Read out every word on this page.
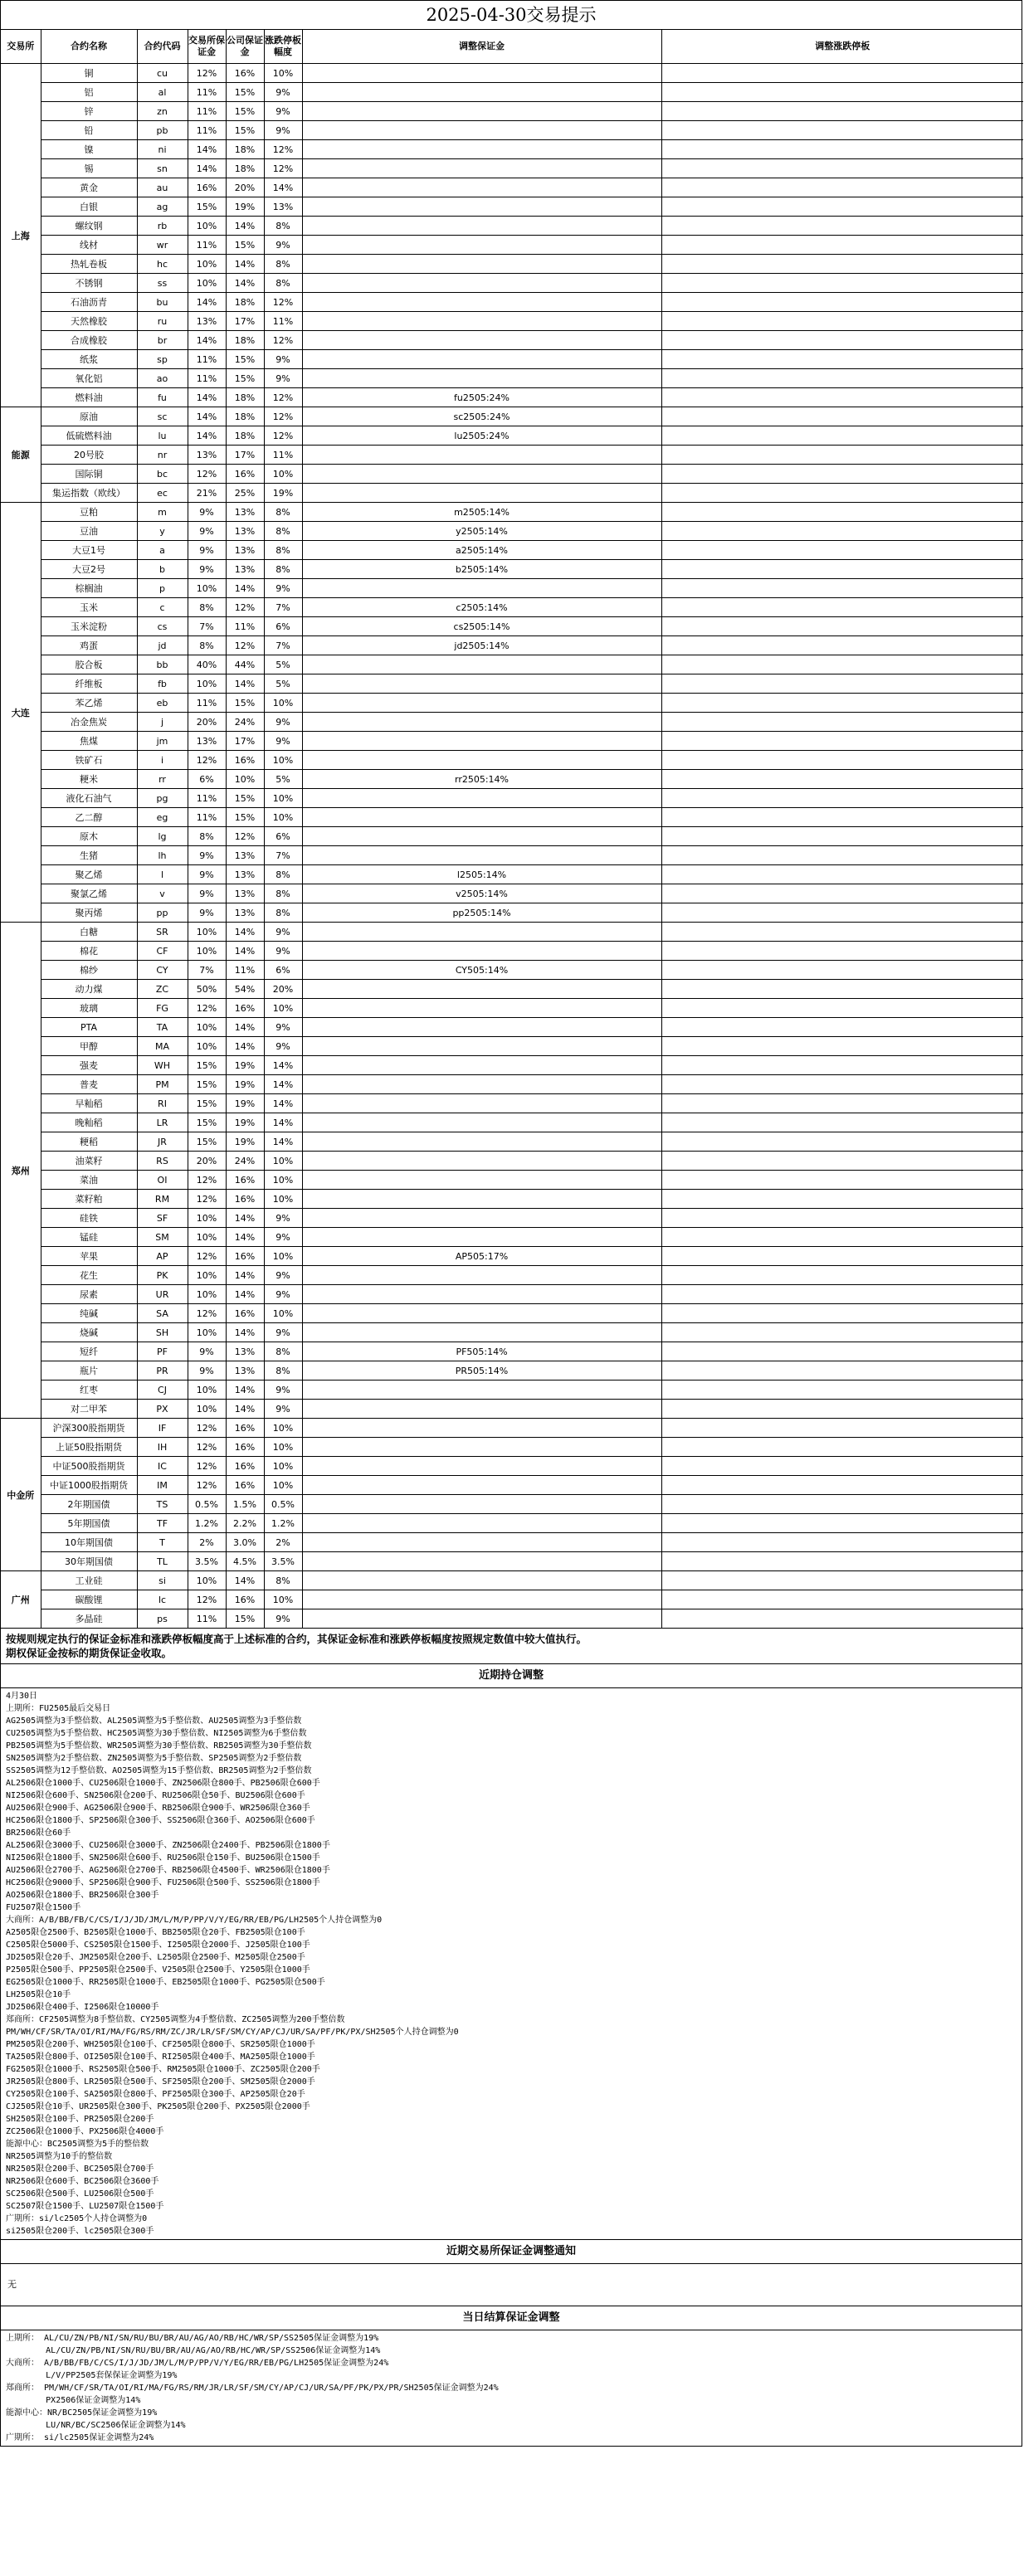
2025-04-30交易提示
交易所	合约名称	合约代码	交易所保证金	公司保证金	涨跌停板幅度	调整保证金	调整涨跌停板
上海	铜	cu	12%	16%	10%		
	铝	al	11%	15%	9%		
	锌	zn	11%	15%	9%		
	铅	pb	11%	15%	9%		
	镍	ni	14%	18%	12%		
	锡	sn	14%	18%	12%		
	黄金	au	16%	20%	14%		
	白银	ag	15%	19%	13%		
	螺纹钢	rb	10%	14%	8%		
	线材	wr	11%	15%	9%		
	热轧卷板	hc	10%	14%	8%		
	不锈钢	ss	10%	14%	8%		
	石油沥青	bu	14%	18%	12%		
	天然橡胶	ru	13%	17%	11%		
	合成橡胶	br	14%	18%	12%		
	纸浆	sp	11%	15%	9%		
	氧化铝	ao	11%	15%	9%		
	燃料油	fu	14%	18%	12%	fu2505:24%	
能源	原油	sc	14%	18%	12%	sc2505:24%	
	低硫燃料油	lu	14%	18%	12%	lu2505:24%	
	20号胶	nr	13%	17%	11%		
	国际铜	bc	12%	16%	10%		
	集运指数（欧线）	ec	21%	25%	19%		
大连	豆粕	m	9%	13%	8%	m2505:14%	
	豆油	y	9%	13%	8%	y2505:14%	
	大豆1号	a	9%	13%	8%	a2505:14%	
	大豆2号	b	9%	13%	8%	b2505:14%	
	棕榈油	p	10%	14%	9%		
	玉米	c	8%	12%	7%	c2505:14%	
	玉米淀粉	cs	7%	11%	6%	cs2505:14%	
	鸡蛋	jd	8%	12%	7%	jd2505:14%	
	胶合板	bb	40%	44%	5%		
	纤维板	fb	10%	14%	5%		
	苯乙烯	eb	11%	15%	10%		
	冶金焦炭	j	20%	24%	9%		
	焦煤	jm	13%	17%	9%		
	铁矿石	i	12%	16%	10%		
	粳米	rr	6%	10%	5%	rr2505:14%	
	液化石油气	pg	11%	15%	10%		
	乙二醇	eg	11%	15%	10%		
	原木	lg	8%	12%	6%		
	生猪	lh	9%	13%	7%		
	聚乙烯	l	9%	13%	8%	l2505:14%	
	聚氯乙烯	v	9%	13%	8%	v2505:14%	
	聚丙烯	pp	9%	13%	8%	pp2505:14%	
郑州	白糖	SR	10%	14%	9%		
	棉花	CF	10%	14%	9%		
	棉纱	CY	7%	11%	6%	CY505:14%	
	动力煤	ZC	50%	54%	20%		
	玻璃	FG	12%	16%	10%		
	PTA	TA	10%	14%	9%		
	甲醇	MA	10%	14%	9%		
	强麦	WH	15%	19%	14%		
	普麦	PM	15%	19%	14%		
	早籼稻	RI	15%	19%	14%		
	晚籼稻	LR	15%	19%	14%		
	粳稻	JR	15%	19%	14%		
	油菜籽	RS	20%	24%	10%		
	菜油	OI	12%	16%	10%		
	菜籽粕	RM	12%	16%	10%		
	硅铁	SF	10%	14%	9%		
	锰硅	SM	10%	14%	9%		
	苹果	AP	12%	16%	10%	AP505:17%	
	花生	PK	10%	14%	9%		
	尿素	UR	10%	14%	9%		
	纯碱	SA	12%	16%	10%		
	烧碱	SH	10%	14%	9%		
	短纤	PF	9%	13%	8%	PF505:14%	
	瓶片	PR	9%	13%	8%	PR505:14%	
	红枣	CJ	10%	14%	9%		
	对二甲苯	PX	10%	14%	9%		
中金所	沪深300股指期货	IF	12%	16%	10%		
	上证50股指期货	IH	12%	16%	10%		
	中证500股指期货	IC	12%	16%	10%		
	中证1000股指期货	IM	12%	16%	10%		
	2年期国债	TS	0.5%	1.5%	0.5%		
	5年期国债	TF	1.2%	2.2%	1.2%		
	10年期国债	T	2%	3.0%	2%		
	30年期国债	TL	3.5%	4.5%	3.5%		
广州	工业硅	si	10%	14%	8%		
	碳酸锂	lc	12%	16%	10%		
	多晶硅	ps	11%	15%	9%		
按规则规定执行的保证金标准和涨跌停板幅度高于上述标准的合约，其保证金标准和涨跌停板幅度按照规定数值中较大值执行。
期权保证金按标的期货保证金收取。
近期持仓调整
4月30日
上期所：FU2505最后交易日
AG2505调整为3手整倍数、AL2505调整为5手整倍数、AU2505调整为3手整倍数
CU2505调整为5手整倍数、HC2505调整为30手整倍数、NI2505调整为6手整倍数
PB2505调整为5手整倍数、WR2505调整为30手整倍数、RB2505调整为30手整倍数
SN2505调整为2手整倍数、ZN2505调整为5手整倍数、SP2505调整为2手整倍数
SS2505调整为12手整倍数、AO2505调整为15手整倍数、BR2505调整为2手整倍数
AL2506限仓1000手、CU2506限仓1000手、ZN2506限仓800手、PB2506限仓600手
NI2506限仓600手、SN2506限仓200手、RU2506限仓50手、BU2506限仓600手
AU2506限仓900手、AG2506限仓900手、RB2506限仓900手、WR2506限仓360手
HC2506限仓1800手、SP2506限仓300手、SS2506限仓360手、AO2506限仓600手
BR2506限仓60手
AL2506限仓3000手、CU2506限仓3000手、ZN2506限仓2400手、PB2506限仓1800手
NI2506限仓1800手、SN2506限仓600手、RU2506限仓150手、BU2506限仓1500手
AU2506限仓2700手、AG2506限仓2700手、RB2506限仓4500手、WR2506限仓1800手
HC2506限仓9000手、SP2506限仓900手、FU2506限仓500手、SS2506限仓1800手
AO2506限仓1800手、BR2506限仓300手
FU2507限仓1500手
大商所：A/B/BB/FB/C/CS/I/J/JD/JM/L/M/P/PP/V/Y/EG/RR/EB/PG/LH2505个人持仓调整为0
A2505限仓2500手、B2505限仓1000手、BB2505限仓20手、FB2505限仓100手
C2505限仓5000手、CS2505限仓1500手、I2505限仓2000手、J2505限仓100手
JD2505限仓20手、JM2505限仓200手、L2505限仓2500手、M2505限仓2500手
P2505限仓500手、PP2505限仓2500手、V2505限仓2500手、Y2505限仓1000手
EG2505限仓1000手、RR2505限仓1000手、EB2505限仓1000手、PG2505限仓500手
LH2505限仓10手
JD2506限仓400手、I2506限仓10000手
郑商所：CF2505调整为8手整倍数、CY2505调整为4手整倍数、ZC2505调整为200手整倍数
PM/WH/CF/SR/TA/OI/RI/MA/FG/RS/RM/ZC/JR/LR/SF/SM/CY/AP/CJ/UR/SA/PF/PK/PX/SH2505个人持仓调整为0
PM2505限仓200手、WH2505限仓100手、CF2505限仓800手、SR2505限仓1000手
TA2505限仓800手、OI2505限仓100手、RI2505限仓400手、MA2505限仓1000手
FG2505限仓1000手、RS2505限仓500手、RM2505限仓1000手、ZC2505限仓200手
JR2505限仓800手、LR2505限仓500手、SF2505限仓200手、SM2505限仓2000手
CY2505限仓100手、SA2505限仓800手、PF2505限仓300手、AP2505限仓20手
CJ2505限仓10手、UR2505限仓300手、PK2505限仓200手、PX2505限仓2000手
SH2505限仓100手、PR2505限仓200手
ZC2506限仓1000手、PX2506限仓4000手
能源中心：BC2505调整为5手的整倍数
NR2505调整为10手的整倍数
NR2505限仓200手、BC2505限仓700手
NR2506限仓600手、BC2506限仓3600手
SC2506限仓500手、LU2506限仓500手
SC2507限仓1500手、LU2507限仓1500手
广期所：si/lc2505个人持仓调整为0
si2505限仓200手、lc2505限仓300手
近期交易所保证金调整通知
无
当日结算保证金调整
上期所： AL/CU/ZN/PB/NI/SN/RU/BU/BR/AU/AG/AO/RB/HC/WR/SP/SS2505保证金调整为19%
AL/CU/ZN/PB/NI/SN/RU/BU/BR/AU/AG/AO/RB/HC/WR/SP/SS2506保证金调整为14%
大商所： A/B/BB/FB/C/CS/I/J/JD/JM/L/M/P/PP/V/Y/EG/RR/EB/PG/LH2505保证金调整为24%
L/V/PP2505套保保证金调整为19%
郑商所： PM/WH/CF/SR/TA/OI/RI/MA/FG/RS/RM/JR/LR/SF/SM/CY/AP/CJ/UR/SA/PF/PK/PX/PR/SH2505保证金调整为24%
PX2506保证金调整为14%
能源中心：NR/BC2505保证金调整为19%
LU/NR/BC/SC2506保证金调整为14%
广期所： si/lc2505保证金调整为24%
